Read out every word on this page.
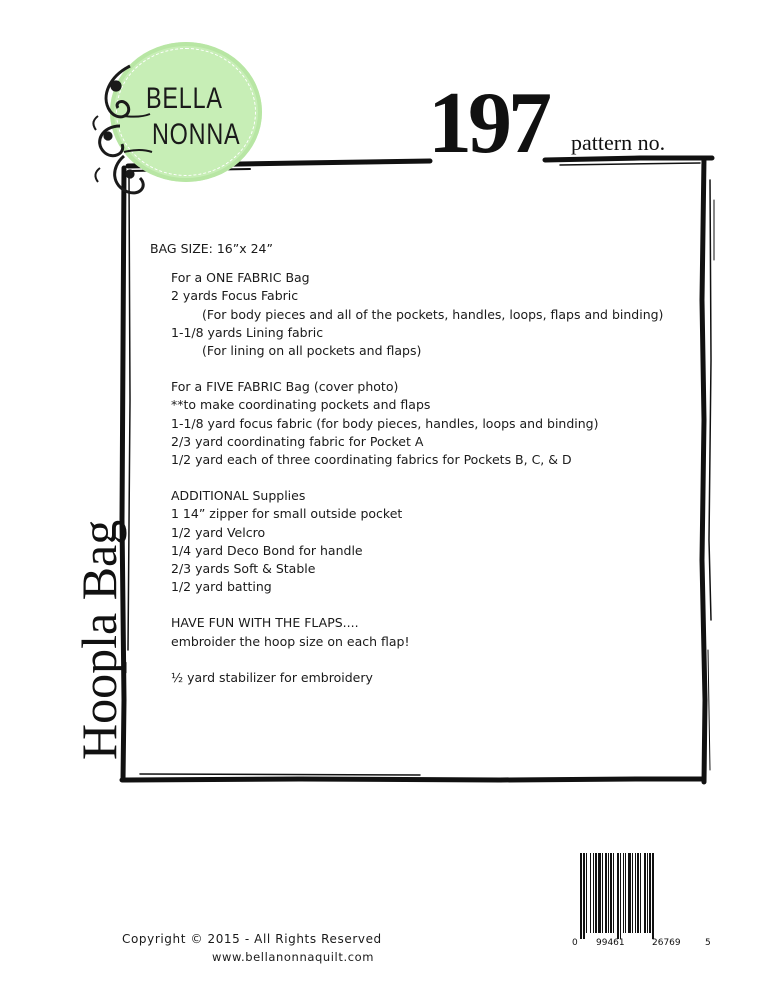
BELLA
NONNA 197 pattern no.
Hoopla Bag
BAG SIZE: 16”x 24”
For a ONE FABRIC Bag
2 yards Focus Fabric
(For body pieces and all of the pockets, handles, loops, flaps and binding)
1-1/8 yards Lining fabric
(For lining on all pockets and flaps)
For a FIVE FABRIC Bag (cover photo)
**to make coordinating pockets and flaps
1-1/8 yard focus fabric (for body pieces, handles, loops and binding)
2/3 yard coordinating fabric for Pocket A
1/2 yard each of three coordinating fabrics for Pockets B, C, & D
ADDITIONAL Supplies
1 14” zipper for small outside pocket
1/2 yard Velcro
1/4 yard Deco Bond for handle
2/3 yards Soft & Stable
1/2 yard batting
HAVE FUN WITH THE FLAPS....
embroider the hoop size on each flap!
½ yard stabilizer for embroidery
Copyright © 2015 - All Rights Reserved
www.bellanonnaquilt.com
0 99461	26769	5
